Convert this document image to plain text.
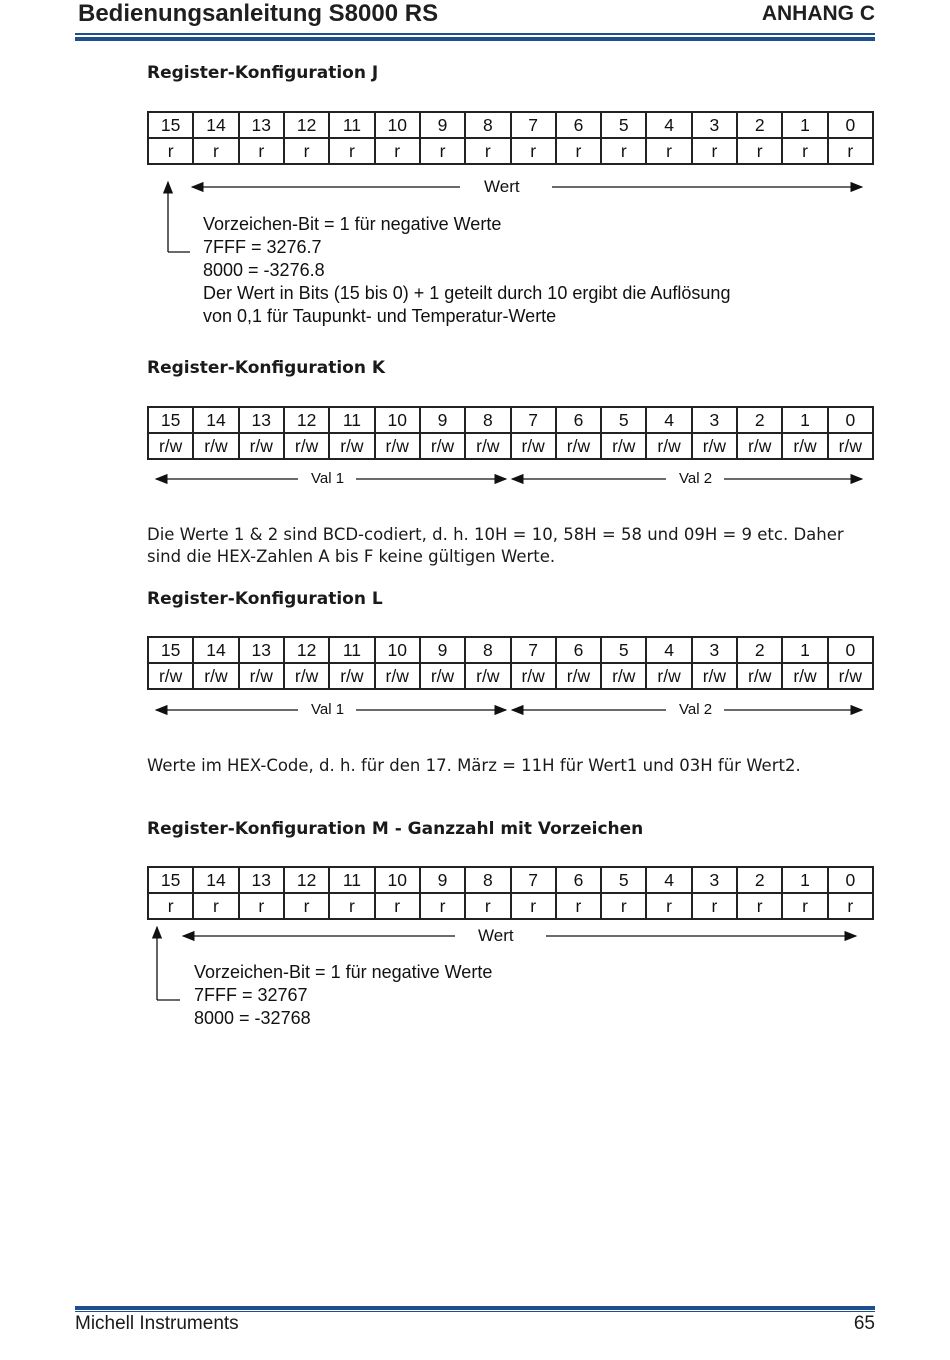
Bedienungsanleitung S8000 RS	ANHANG C
Register-Konfiguration J
15	14	13	12	11	10	9	8	7	6	5	4	3	2	1	0
r	r	r	r	r	r	r	r	r	r	r	r	r	r	r	r
Wert
Vorzeichen-Bit = 1 für negative Werte
7FFF = 3276.7
8000 = -3276.8
Der Wert in Bits (15 bis 0) + 1 geteilt durch 10 ergibt die Auflösung
von 0,1 für Taupunkt- und Temperatur-Werte
Register-Konfiguration K
15	14	13	12	11	10	9	8	7	6	5	4	3	2	1	0
r/w	r/w	r/w	r/w	r/w	r/w	r/w	r/w	r/w	r/w	r/w	r/w	r/w	r/w	r/w	r/w
Val 1	Val 2
Die Werte 1 & 2 sind BCD-codiert, d. h. 10H = 10, 58H = 58 und 09H = 9 etc. Daher
sind die HEX-Zahlen A bis F keine gültigen Werte.
Register-Konfiguration L
15	14	13	12	11	10	9	8	7	6	5	4	3	2	1	0
r/w	r/w	r/w	r/w	r/w	r/w	r/w	r/w	r/w	r/w	r/w	r/w	r/w	r/w	r/w	r/w
Val 1	Val 2
Werte im HEX-Code, d. h. für den 17. März = 11H für Wert1 und 03H für Wert2.
Register-Konfiguration M - Ganzzahl mit Vorzeichen
15	14	13	12	11	10	9	8	7	6	5	4	3	2	1	0
r	r	r	r	r	r	r	r	r	r	r	r	r	r	r	r
Wert
Vorzeichen-Bit = 1 für negative Werte
7FFF = 32767
8000 = -32768
Michell Instruments	65
